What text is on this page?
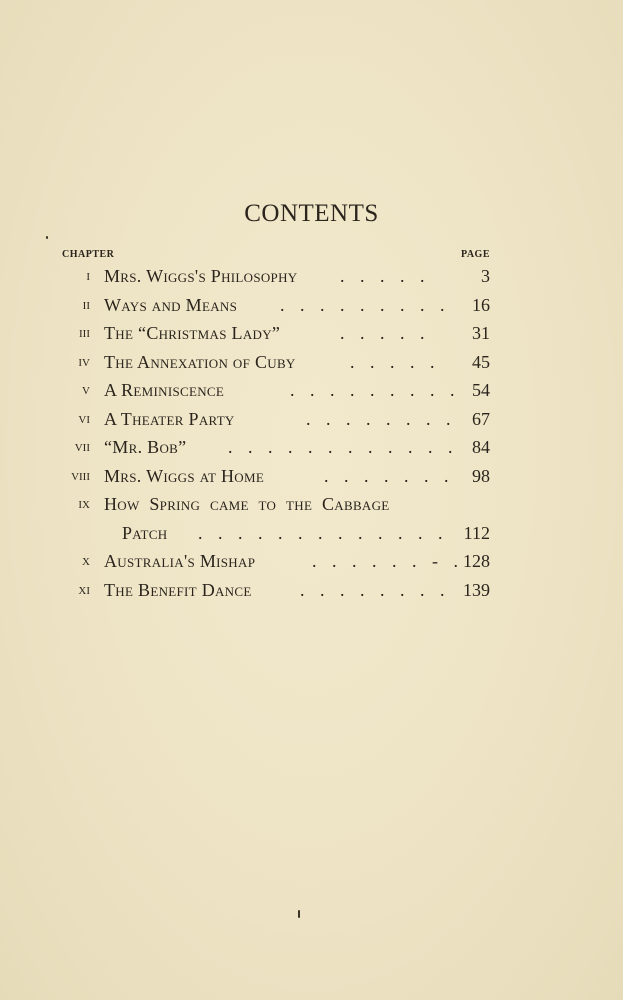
CONTENTS
CHAPTER	PAGE
i Mrs. Wiggs's Philosophy . . . . .	3
ii Ways and Means . . . . . . . . . 16
iii The “Christmas Lady”	. . . . . 31
iv The Annexation of Cuby	. . . . . 45
v A Reminiscence	. . . . . . . . . 54
vi A Theater Party	. . . . . . . . 67
vii “Mr. Bob” . . . . . . . . . . . . 84
viii Mrs. Wiggs at Home	. . . . . . . 98
ix How Spring came to the Cabbage
Patch . . . . . . . . . . . . . 112
x Australia's Mishap	. . . . . . - . 128
xi The Benefit Dance	. . . . . . . . 139
